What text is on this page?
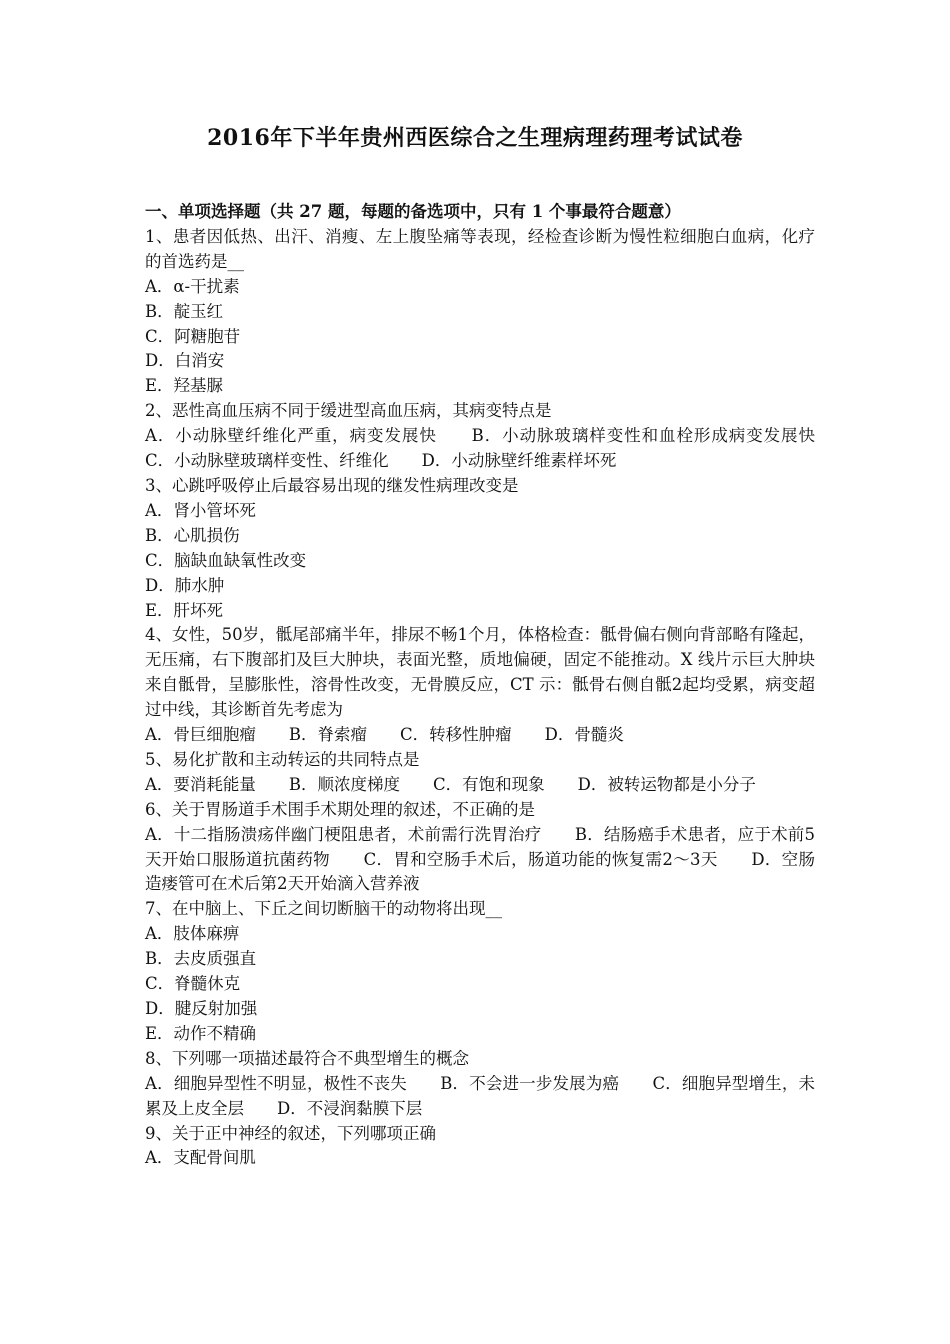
2016年下半年贵州西医综合之生理病理药理考试试卷
一、单项选择题（共 27 题，每题的备选项中，只有 1 个事最符合题意）
1、患者因低热、出汗、消瘦、左上腹坠痛等表现，经检查诊断为慢性粒细胞白血病，化疗的首选药是__
A．α-干扰素
B．靛玉红
C．阿糖胞苷
D．白消安
E．羟基脲
2、恶性高血压病不同于缓进型高血压病，其病变特点是
A．小动脉壁纤维化严重，病变发展快　　B．小动脉玻璃样变性和血栓形成病变发展快　　C．小动脉壁玻璃样变性、纤维化　　D．小动脉壁纤维素样坏死
3、心跳呼吸停止后最容易出现的继发性病理改变是
A．肾小管坏死
B．心肌损伤
C．脑缺血缺氧性改变
D．肺水肿
E．肝坏死
4、女性，50岁，骶尾部痛半年，排尿不畅1个月，体格检查：骶骨偏右侧向背部略有隆起，无压痛，右下腹部扪及巨大肿块，表面光整，质地偏硬，固定不能推动。X 线片示巨大肿块来自骶骨，呈膨胀性，溶骨性改变，无骨膜反应，CT 示：骶骨右侧自骶2起均受累，病变超过中线，其诊断首先考虑为
A．骨巨细胞瘤　　B．脊索瘤　　C．转移性肿瘤　　D．骨髓炎
5、易化扩散和主动转运的共同特点是
A．要消耗能量　　B．顺浓度梯度　　C．有饱和现象　　D．被转运物都是小分子
6、关于胃肠道手术围手术期处理的叙述，不正确的是
A．十二指肠溃疡伴幽门梗阻患者，术前需行洗胃治疗　　B．结肠癌手术患者，应于术前5天开始口服肠道抗菌药物　　C．胃和空肠手术后，肠道功能的恢复需2～3天　　D．空肠造瘘管可在术后第2天开始滴入营养液
7、在中脑上、下丘之间切断脑干的动物将出现__
A．肢体麻痹
B．去皮质强直
C．脊髓休克
D．腱反射加强
E．动作不精确
8、下列哪一项描述最符合不典型增生的概念
A．细胞异型性不明显，极性不丧失　　B．不会进一步发展为癌　　C．细胞异型增生，未累及上皮全层　　D．不浸润黏膜下层
9、关于正中神经的叙述，下列哪项正确
A．支配骨间肌
